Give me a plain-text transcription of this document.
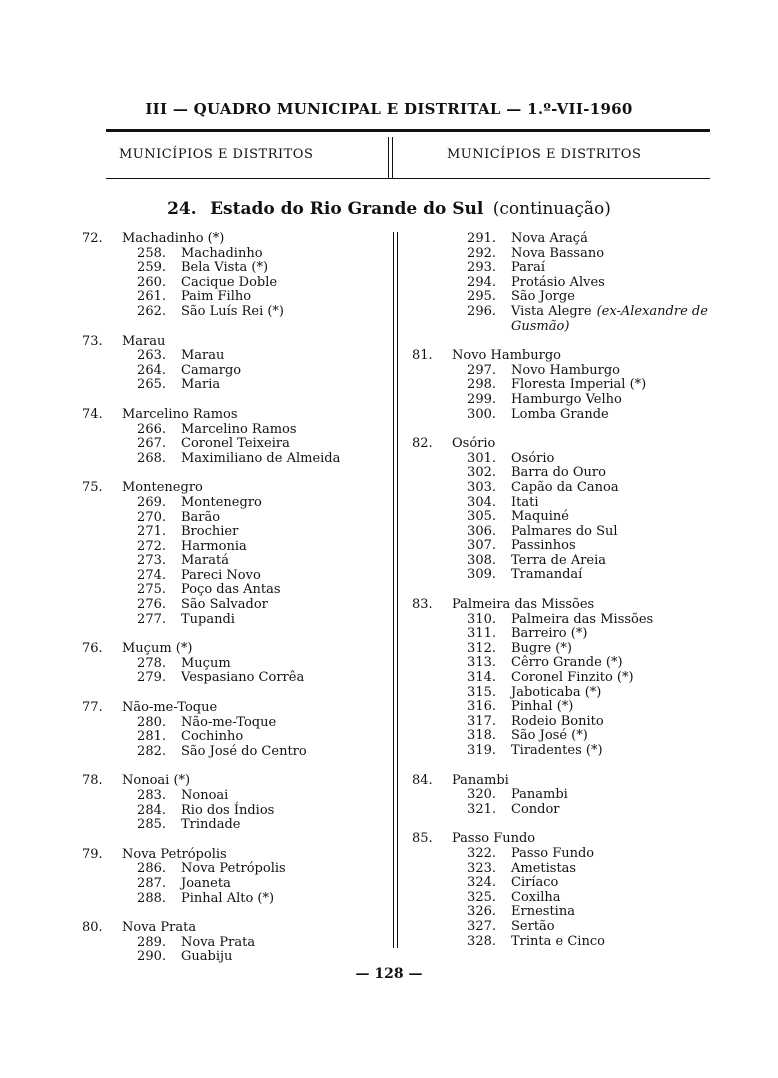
III — QUADRO MUNICIPAL E DISTRITAL — 1.º-VII-1960
MUNICÍPIOS E DISTRITOS	MUNICÍPIOS E DISTRITOS
24. Estado do Rio Grande do Sul (continuação)
72.	Machadinho (*)
258.	Machadinho
259.	Bela Vista (*)
260.	Cacique Doble
261.	Paim Filho
262.	São Luís Rei (*)
73.	Marau
263.	Marau
264.	Camargo
265.	Maria
74.	Marcelino Ramos
266.	Marcelino Ramos
267.	Coronel Teixeira
268.	Maximiliano de Almeida
75.	Montenegro
269.	Montenegro
270.	Barão
271.	Brochier
272.	Harmonia
273.	Maratá
274.	Pareci Novo
275.	Poço das Antas
276.	São Salvador
277.	Tupandi
76.	Muçum (*)
278.	Muçum
279.	Vespasiano Corrêa
77.	Não-me-Toque
280.	Não-me-Toque
281.	Cochinho
282.	São José do Centro
78.	Nonoai (*)
283.	Nonoai
284.	Rio dos Índios
285.	Trindade
79.	Nova Petrópolis
286.	Nova Petrópolis
287.	Joaneta
288.	Pinhal Alto (*)
80.	Nova Prata
289.	Nova Prata
290.	Guabiju
291.	Nova Araçá
292.	Nova Bassano
293.	Paraí
294.	Protásio Alves
295.	São Jorge
296.	Vista Alegre (ex-Alexandre de
Gusmão)
81.	Novo Hamburgo
297.	Novo Hamburgo
298.	Floresta Imperial (*)
299.	Hamburgo Velho
300.	Lomba Grande
82.	Osório
301.	Osório
302.	Barra do Ouro
303.	Capão da Canoa
304.	Itati
305.	Maquiné
306.	Palmares do Sul
307.	Passinhos
308.	Terra de Areia
309.	Tramandaí
83.	Palmeira das Missões
310.	Palmeira das Missões
311.	Barreiro (*)
312.	Bugre (*)
313.	Cêrro Grande (*)
314.	Coronel Finzito (*)
315.	Jaboticaba (*)
316.	Pinhal (*)
317.	Rodeio Bonito
318.	São José (*)
319.	Tiradentes (*)
84.	Panambi
320.	Panambi
321.	Condor
85.	Passo Fundo
322.	Passo Fundo
323.	Ametistas
324.	Ciríaco
325.	Coxilha
326.	Ernestina
327.	Sertão
328.	Trinta e Cinco
— 128 —
